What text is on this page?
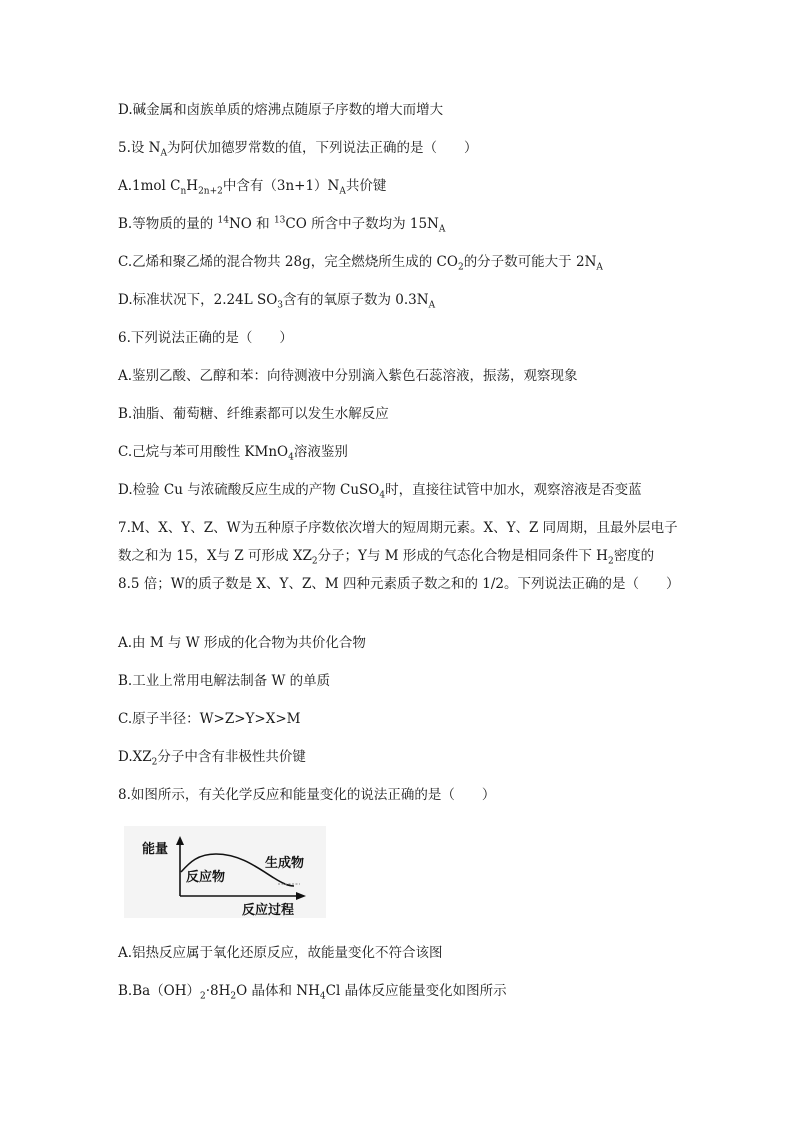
D.碱金属和卤族单质的熔沸点随原子序数的增大而增大
5.设 $N_A$为阿伏加德罗常数的值，下列说法正确的是（　　）
A.1mol $C_nH_{2n+2}$中含有$(3n+1)N_A$共价键
B.等物质的量的 $^{14}$NO 和 $^{13}$CO 所含中子数均为 $15N_A$
C.乙烯和聚乙烯的混合物共 28g，完全燃烧所生成的 $CO_2$的分子数可能大于 $2N_A$
D.标准状况下，2.24L $SO_3$含有的氧原子数为 $0.3N_A$
6.下列说法正确的是（　　）
A.鉴别乙酸、乙醇和苯：向待测液中分别滴入紫色石蕊溶液，振荡，观察现象
B.油脂、葡萄糖、纤维素都可以发生水解反应
C.己烷与苯可用酸性 KMnO$_4$溶液鉴别
D.检验 Cu 与浓硫酸反应生成的产物 CuSO$_4$时，直接往试管中加水，观察溶液是否变蓝
7.M、X、Y、Z、W为五种原子序数依次增大的短周期元素。X、Y、Z 同周期，且最外层电子数之和为 15，X与 Z 可形成 $XZ_2$分子；Y与 M 形成的气态化合物是相同条件下 $H_2$密度的 8.5 倍；W的质子数是 X、Y、Z、M 四种元素质子数之和的 1/2。下列说法正确的是（　　）
A.由 M 与 W 形成的化合物为共价化合物
B.工业上常用电解法制备 W 的单质
C.原子半径：W>Z>Y>X>M
$D.XZ_2$分子中含有非极性共价键
8.如图所示，有关化学反应和能量变化的说法正确的是（　　）
能量
反应过程
反应物
生成物
A.铝热反应属于氧化还原反应，故能量变化不符合该图
$B.Ba(OH)_2\cdot 8H_2O$ 晶体和 $NH_4Cl$ 晶体反应能量变化如图所示
